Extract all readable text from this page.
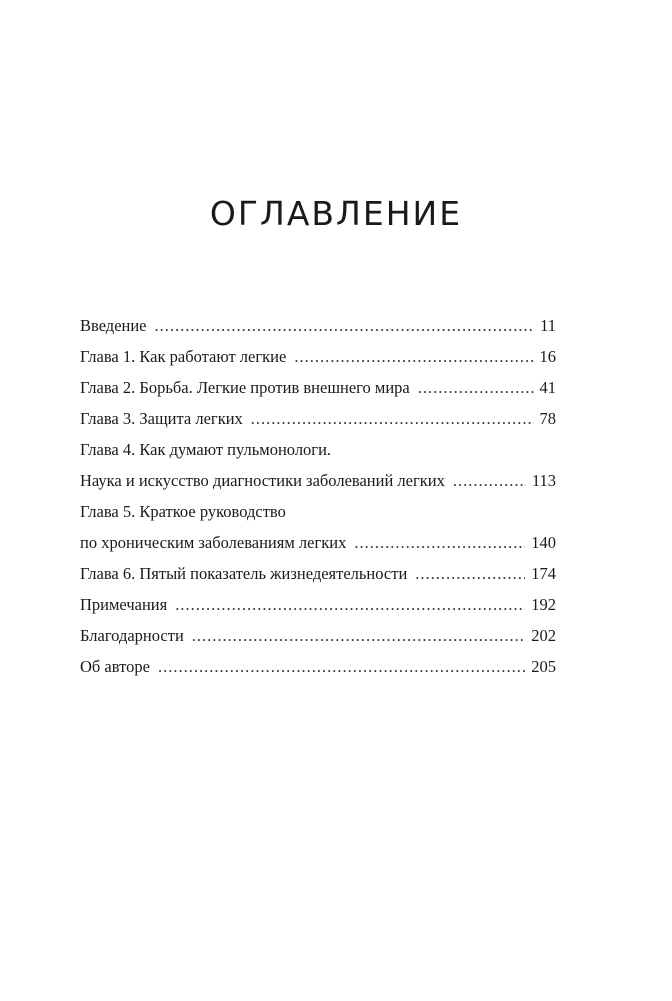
ОГЛАВЛЕНИЕ
Введение .....	11
Глава 1. Как работают легкие .....	16
Глава 2. Борьба. Легкие против внешнего мира .....	41
Глава 3. Защита легких .....	78
Глава 4. Как думают пульмонологи.
Наука и искусство диагностики заболеваний легких .....	113
Глава 5. Краткое руководство
по хроническим заболеваниям легких .....	140
Глава 6. Пятый показатель жизнедеятельности .....	174
Примечания .....	192
Благодарности .....	202
Об авторе .....	205
